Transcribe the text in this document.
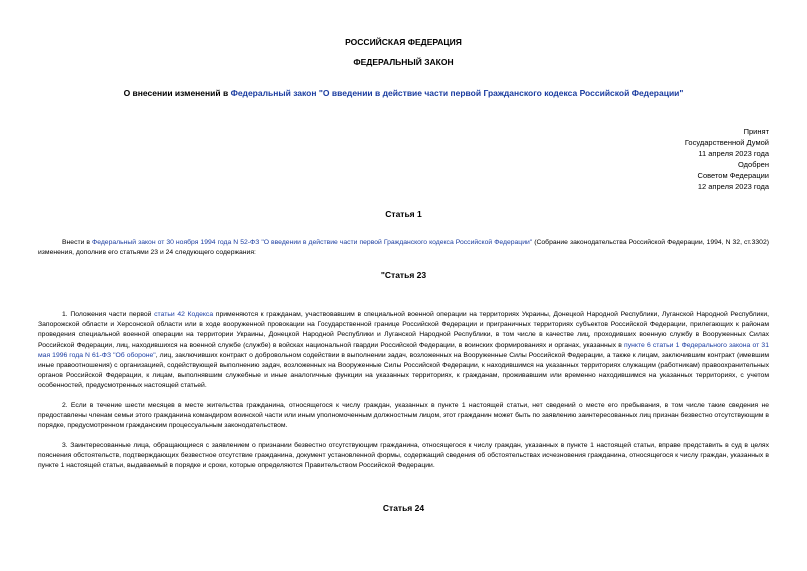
РОССИЙСКАЯ ФЕДЕРАЦИЯ
ФЕДЕРАЛЬНЫЙ ЗАКОН
О внесении изменений в Федеральный закон "О введении в действие части первой Гражданского кодекса Российской Федерации"
Принят
Государственной Думой
11 апреля 2023 года
Одобрен
Советом Федерации
12 апреля 2023 года
Статья 1
Внести в Федеральный закон от 30 ноября 1994 года N 52-ФЗ "О введении в действие части первой Гражданского кодекса Российской Федерации" (Собрание законодательства Российской Федерации, 1994, N 32, ст.3302) изменения, дополнив его статьями 23 и 24 следующего содержания:
"Статья 23
1. Положения части первой статьи 42 Кодекса применяются к гражданам, участвовавшим в специальной военной операции на территориях Украины, Донецкой Народной Республики, Луганской Народной Республики, Запорожской области и Херсонской области или в ходе вооруженной провокации на Государственной границе Российской Федерации и приграничных территориях субъектов Российской Федерации, прилегающих к районам проведения специальной военной операции на территории Украины, Донецкой Народной Республики и Луганской Народной Республики, в том числе в качестве лиц, проходивших военную службу в Вооруженных Силах Российской Федерации, лиц, находившихся на военной службе (службе) в войсках национальной гвардии Российской Федерации, в воинских формированиях и органах, указанных в пункте 6 статьи 1 Федерального закона от 31 мая 1996 года N 61-ФЗ "Об обороне", лиц, заключивших контракт о добровольном содействии в выполнении задач, возложенных на Вооруженные Силы Российской Федерации, а также к лицам, заключившим контракт (имевшим иные правоотношения) с организацией, содействующей выполнению задач, возложенных на Вооруженные Силы Российской Федерации, к находившимся на указанных территориях служащим (работникам) правоохранительных органов Российской Федерации, к лицам, выполнявшим служебные и иные аналогичные функции на указанных территориях, к гражданам, проживавшим или временно находившимся на указанных территориях, с учетом особенностей, предусмотренных настоящей статьей.
2. Если в течение шести месяцев в месте жительства гражданина, относящегося к числу граждан, указанных в пункте 1 настоящей статьи, нет сведений о месте его пребывания, в том числе такие сведения не предоставлены членам семьи этого гражданина командиром воинской части или иным уполномоченным должностным лицом, этот гражданин может быть по заявлению заинтересованных лиц признан безвестно отсутствующим в порядке, предусмотренном гражданским процессуальным законодательством.
3. Заинтересованные лица, обращающиеся с заявлением о признании безвестно отсутствующим гражданина, относящегося к числу граждан, указанных в пункте 1 настоящей статьи, вправе представить в суд в целях пояснения обстоятельств, подтверждающих безвестное отсутствие гражданина, документ установленной формы, содержащий сведения об обстоятельствах исчезновения гражданина, относящегося к числу граждан, указанных в пункте 1 настоящей статьи, выдаваемый в порядке и сроки, которые определяются Правительством Российской Федерации.
Статья 24
